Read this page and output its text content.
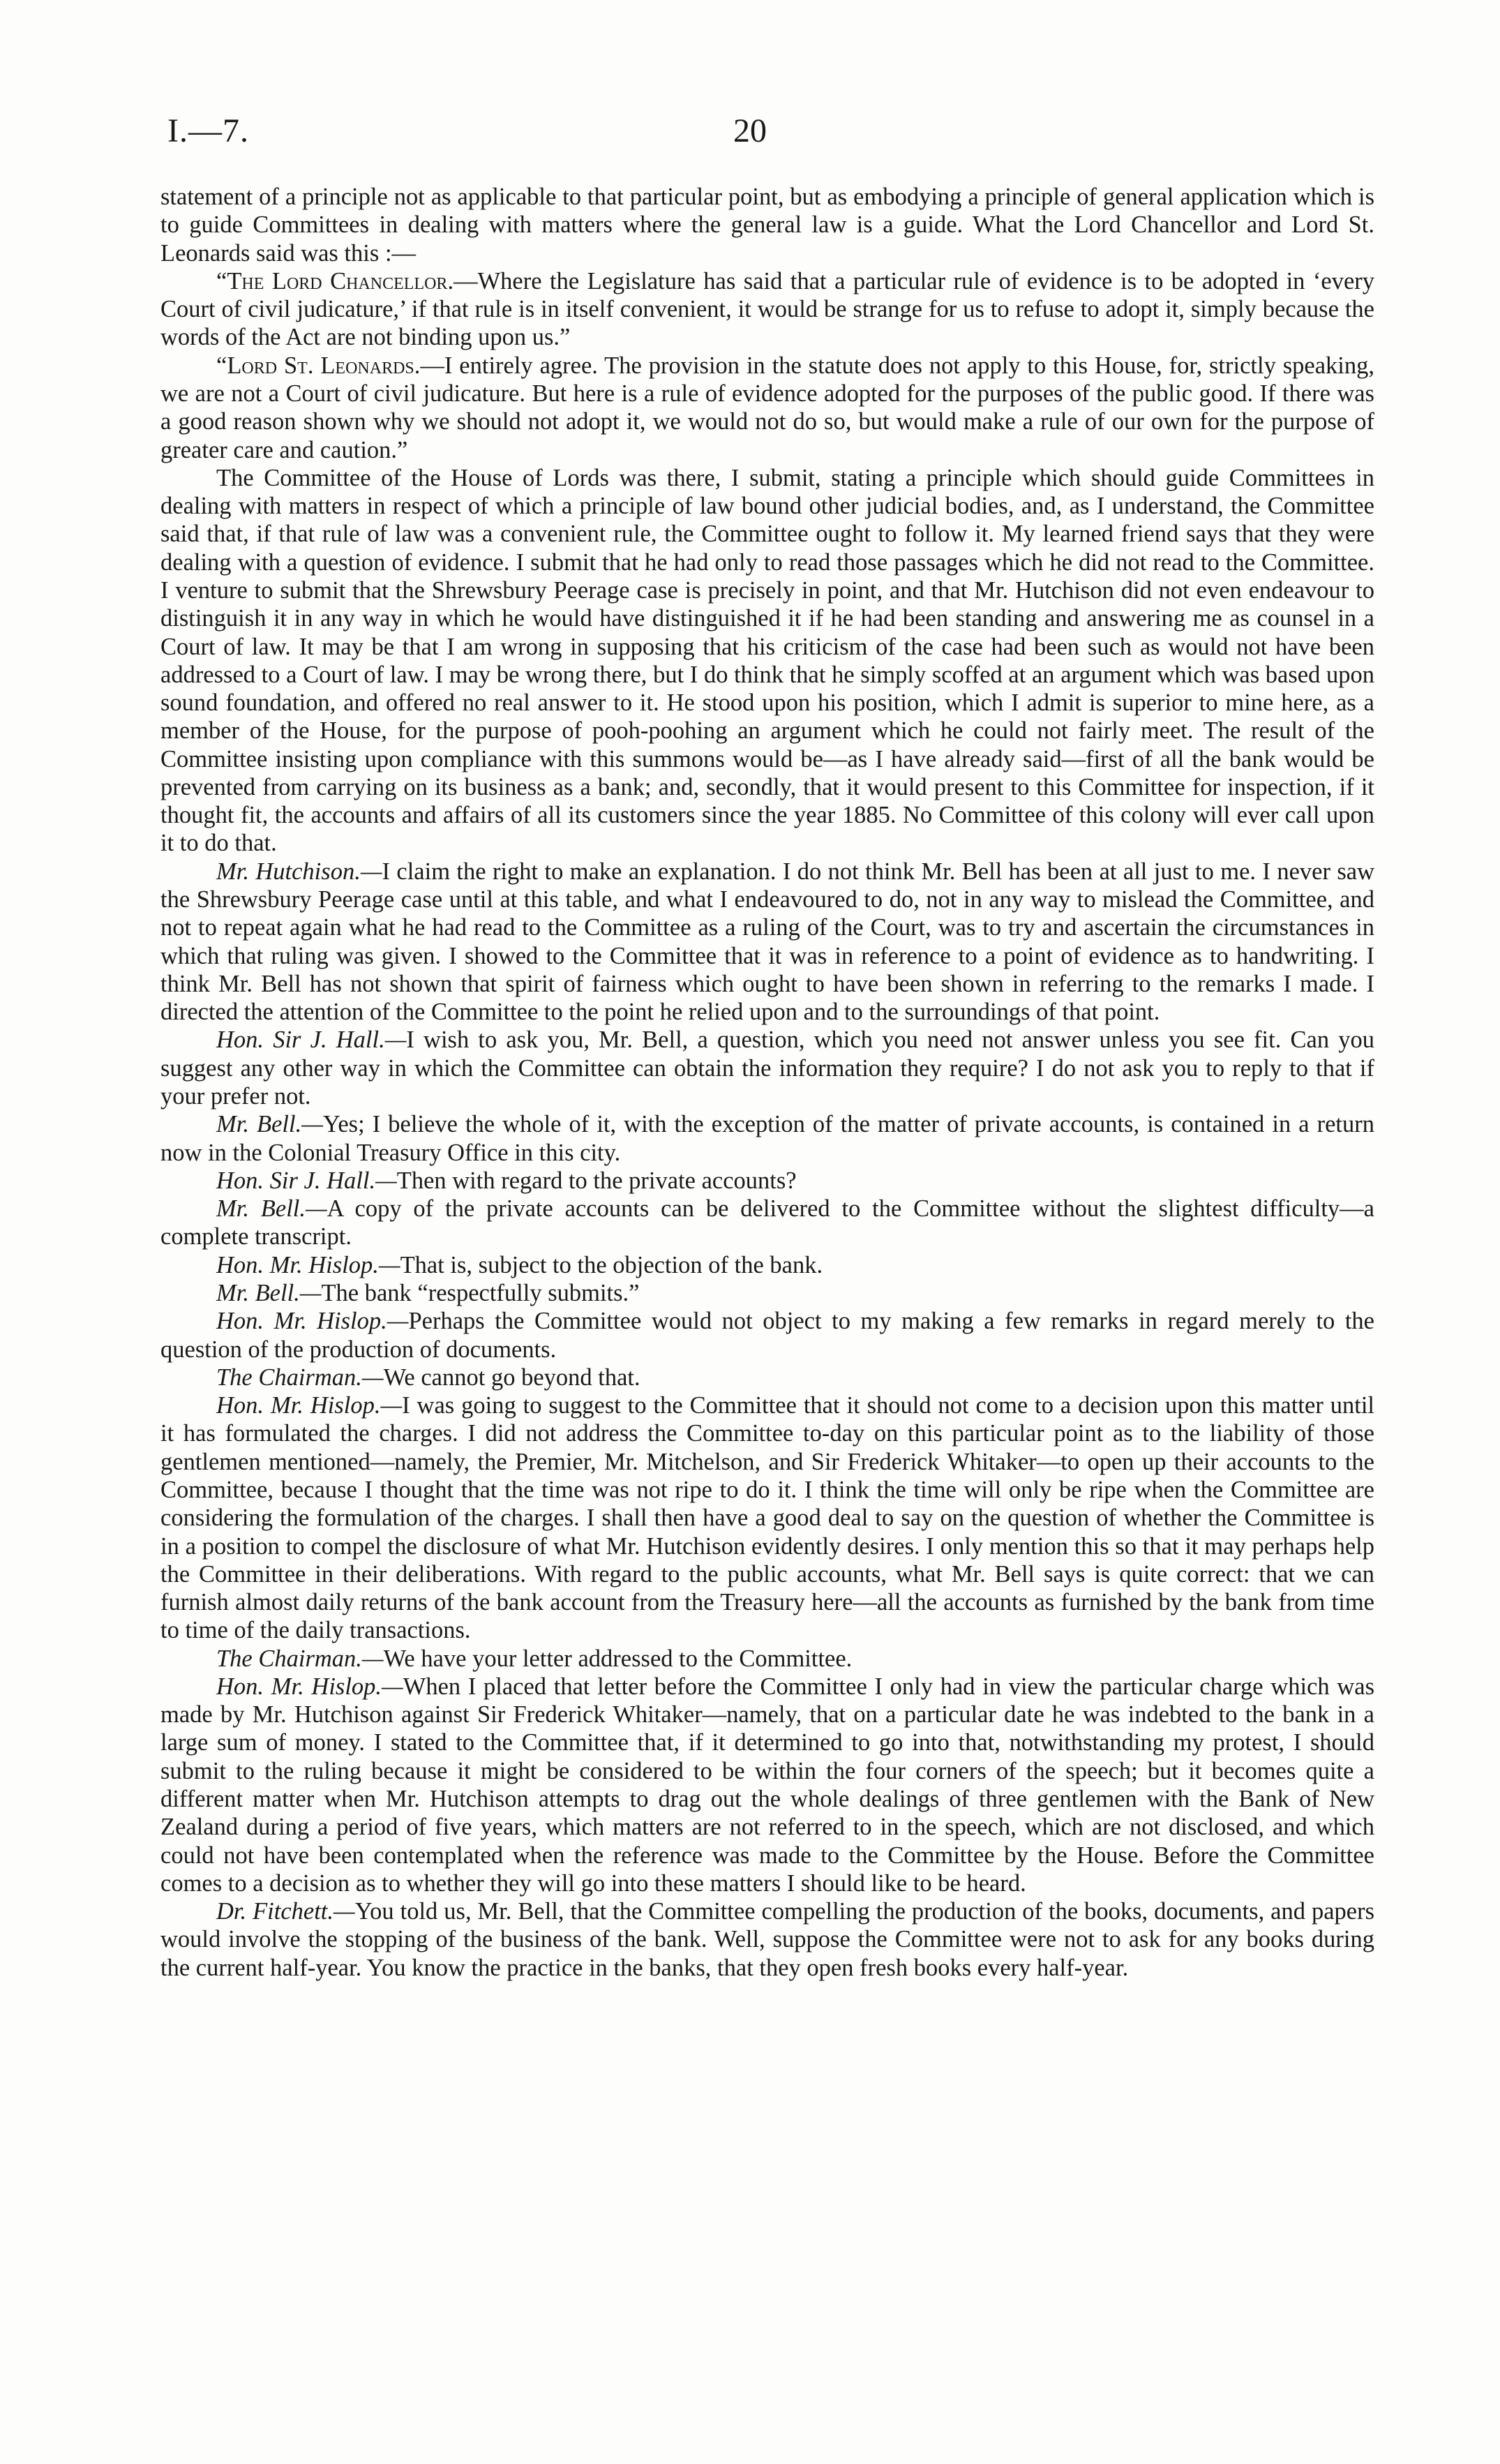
I.—7.	20

statement of a principle not as applicable to that particular point, but as embodying a principle of general application which is to guide Committees in dealing with matters where the general law is a guide. What the Lord Chancellor and Lord St. Leonards said was this :—

“The Lord Chancellor.—Where the Legislature has said that a particular rule of evidence is to be adopted in ‘every Court of civil judicature,’ if that rule is in itself convenient, it would be strange for us to refuse to adopt it, simply because the words of the Act are not binding upon us.”

“Lord St. Leonards.—I entirely agree. The provision in the statute does not apply to this House, for, strictly speaking, we are not a Court of civil judicature. But here is a rule of evidence adopted for the purposes of the public good. If there was a good reason shown why we should not adopt it, we would not do so, but would make a rule of our own for the purpose of greater care and caution.”

The Committee of the House of Lords was there, I submit, stating a principle which should guide Committees in dealing with matters in respect of which a principle of law bound other judicial bodies, and, as I understand, the Committee said that, if that rule of law was a convenient rule, the Committee ought to follow it. My learned friend says that they were dealing with a question of evidence. I submit that he had only to read those passages which he did not read to the Committee. I venture to submit that the Shrewsbury Peerage case is precisely in point, and that Mr. Hutchison did not even endeavour to distinguish it in any way in which he would have distinguished it if he had been standing and answering me as counsel in a Court of law. It may be that I am wrong in supposing that his criticism of the case had been such as would not have been addressed to a Court of law. I may be wrong there, but I do think that he simply scoffed at an argument which was based upon sound foundation, and offered no real answer to it. He stood upon his position, which I admit is superior to mine here, as a member of the House, for the purpose of pooh-poohing an argument which he could not fairly meet. The result of the Committee insisting upon compliance with this summons would be—as I have already said—first of all the bank would be prevented from carrying on its business as a bank; and, secondly, that it would present to this Committee for inspection, if it thought fit, the accounts and affairs of all its customers since the year 1885. No Committee of this colony will ever call upon it to do that.

Mr. Hutchison.—I claim the right to make an explanation. I do not think Mr. Bell has been at all just to me. I never saw the Shrewsbury Peerage case until at this table, and what I endeavoured to do, not in any way to mislead the Committee, and not to repeat again what he had read to the Committee as a ruling of the Court, was to try and ascertain the circumstances in which that ruling was given. I showed to the Committee that it was in reference to a point of evidence as to handwriting. I think Mr. Bell has not shown that spirit of fairness which ought to have been shown in referring to the remarks I made. I directed the attention of the Committee to the point he relied upon and to the surroundings of that point.

Hon. Sir J. Hall.—I wish to ask you, Mr. Bell, a question, which you need not answer unless you see fit. Can you suggest any other way in which the Committee can obtain the information they require? I do not ask you to reply to that if your prefer not.

Mr. Bell.—Yes; I believe the whole of it, with the exception of the matter of private accounts, is contained in a return now in the Colonial Treasury Office in this city.

Hon. Sir J. Hall.—Then with regard to the private accounts?

Mr. Bell.—A copy of the private accounts can be delivered to the Committee without the slightest difficulty—a complete transcript.

Hon. Mr. Hislop.—That is, subject to the objection of the bank.

Mr. Bell.—The bank “respectfully submits.”

Hon. Mr. Hislop.—Perhaps the Committee would not object to my making a few remarks in regard merely to the question of the production of documents.

The Chairman.—We cannot go beyond that.

Hon. Mr. Hislop.—I was going to suggest to the Committee that it should not come to a decision upon this matter until it has formulated the charges. I did not address the Committee to-day on this particular point as to the liability of those gentlemen mentioned—namely, the Premier, Mr. Mitchelson, and Sir Frederick Whitaker—to open up their accounts to the Committee, because I thought that the time was not ripe to do it. I think the time will only be ripe when the Committee are considering the formulation of the charges. I shall then have a good deal to say on the question of whether the Committee is in a position to compel the disclosure of what Mr. Hutchison evidently desires. I only mention this so that it may perhaps help the Committee in their deliberations. With regard to the public accounts, what Mr. Bell says is quite correct: that we can furnish almost daily returns of the bank account from the Treasury here—all the accounts as furnished by the bank from time to time of the daily transactions.

The Chairman.—We have your letter addressed to the Committee.

Hon. Mr. Hislop.—When I placed that letter before the Committee I only had in view the particular charge which was made by Mr. Hutchison against Sir Frederick Whitaker—namely, that on a particular date he was indebted to the bank in a large sum of money. I stated to the Committee that, if it determined to go into that, notwithstanding my protest, I should submit to the ruling because it might be considered to be within the four corners of the speech; but it becomes quite a different matter when Mr. Hutchison attempts to drag out the whole dealings of three gentlemen with the Bank of New Zealand during a period of five years, which matters are not referred to in the speech, which are not disclosed, and which could not have been contemplated when the reference was made to the Committee by the House. Before the Committee comes to a decision as to whether they will go into these matters I should like to be heard.

Dr. Fitchett.—You told us, Mr. Bell, that the Committee compelling the production of the books, documents, and papers would involve the stopping of the business of the bank. Well, suppose the Committee were not to ask for any books during the current half-year. You know the practice in the banks, that they open fresh books every half-year.
